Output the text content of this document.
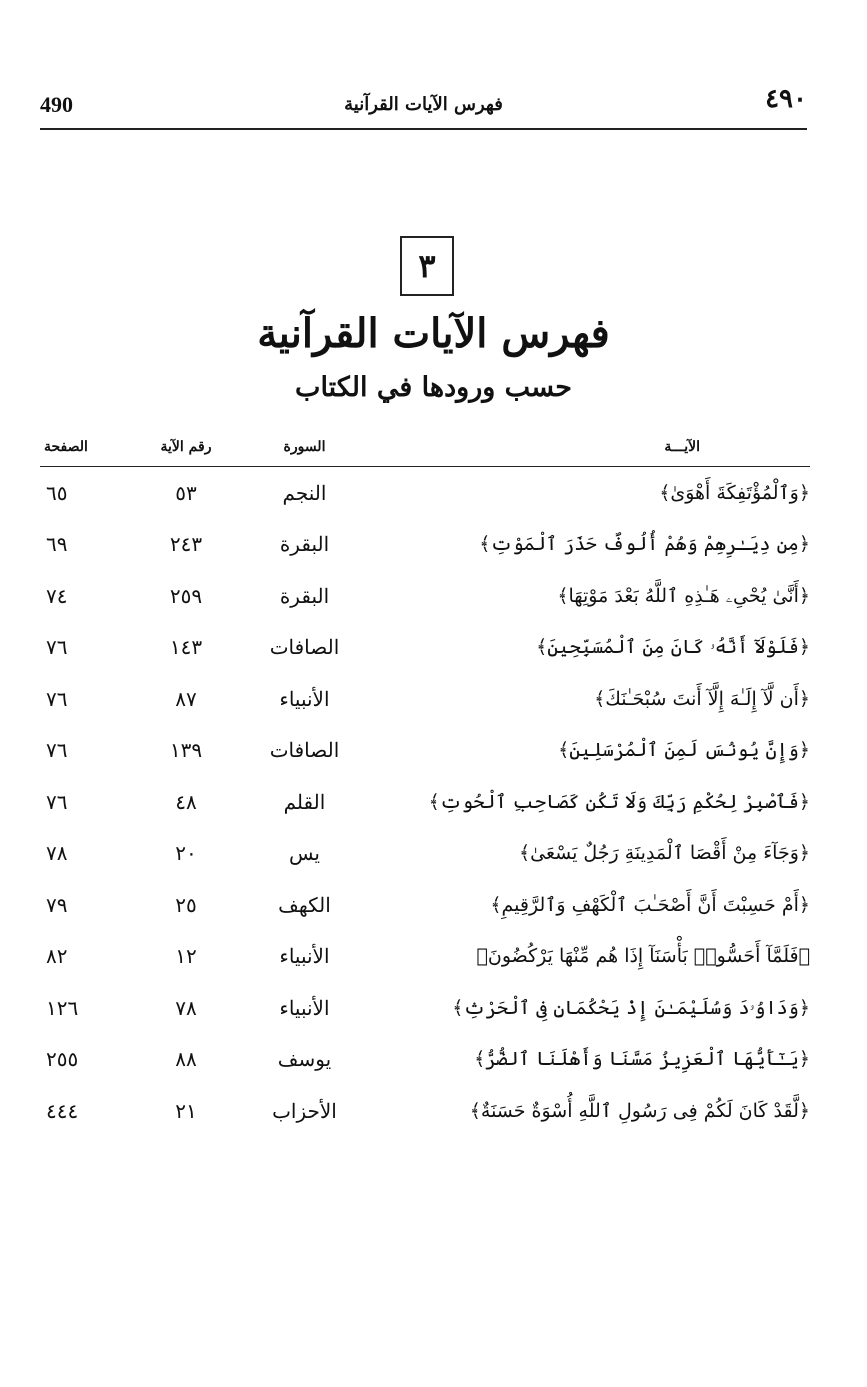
490	فهرس الآيات القرآنية	٤٩٠
٣
فهرس الآيات القرآنية
حسب ورودها في الكتاب
الآيـــة	السورة	رقم الآية	الصفحة
﴿وَٱلْمُؤْتَفِكَةَ أَهْوَىٰ﴾	النجم	٥٣	٦٥
﴿مِن دِيَـٰرِهِمْ وَهُمْ أُلُوفٌ حَذَرَ ٱلْمَوْتِ﴾	البقرة	٢٤٣	٦٩
﴿أَنَّىٰ يُحْىِۦ هَـٰذِهِ ٱللَّهُ بَعْدَ مَوْتِهَا﴾	البقرة	٢٥٩	٧٤
﴿فَلَوْلَآ أَنَّهُۥ كَانَ مِنَ ٱلْمُسَبِّحِينَ﴾	الصافات	١٤٣	٧٦
﴿أَن لَّآ إِلَـٰهَ إِلَّآ أَنتَ سُبْحَـٰنَكَ﴾	الأنبياء	٨٧	٧٦
﴿وَإِنَّ يُونُسَ لَمِنَ ٱلْمُرْسَلِينَ﴾	الصافات	١٣٩	٧٦
﴿فَٱصْبِرْ لِحُكْمِ رَبِّكَ وَلَا تَكُن كَصَاحِبِ ٱلْحُوتِ﴾	القلم	٤٨	٧٦
﴿وَجَآءَ مِنْ أَقْصَا ٱلْمَدِينَةِ رَجُلٌ يَسْعَىٰ﴾	يس	٢٠	٧٨
﴿أَمْ حَسِبْتَ أَنَّ أَصْحَـٰبَ ٱلْكَهْفِ وَٱلرَّقِيمِ﴾	الكهف	٢٥	٧٩
﴿فَلَمَّآ أَحَسُّوا۟ بَأْسَنَآ إِذَا هُم مِّنْهَا يَرْكُضُونَ﴾	الأنبياء	١٢	٨٢
﴿وَدَاوُۥدَ وَسُلَيْمَـٰنَ إِذْ يَحْكُمَانِ فِى ٱلْحَرْثِ﴾	الأنبياء	٧٨	١٢٦
﴿يَـٰٓأَيُّهَا ٱلْعَزِيزُ مَسَّنَا وَأَهْلَنَا ٱلضُّرُّ﴾	يوسف	٨٨	٢٥٥
﴿لَّقَدْ كَانَ لَكُمْ فِى رَسُولِ ٱللَّهِ أُسْوَةٌ حَسَنَةٌ﴾	الأحزاب	٢١	٤٤٤
